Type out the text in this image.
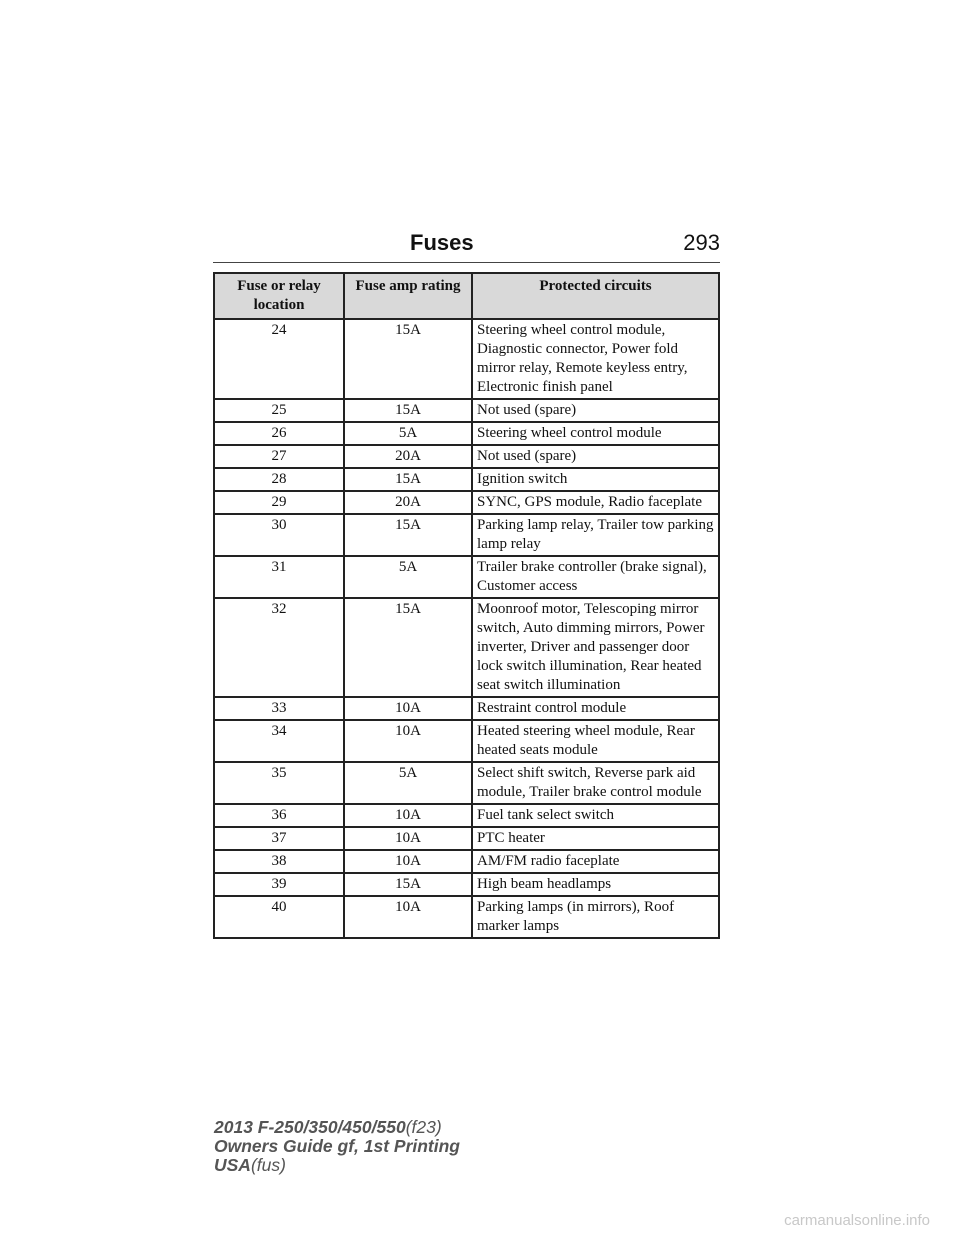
Fuses	293
Fuse or relay location	Fuse amp rating	Protected circuits
24	15A	Steering wheel control module, Diagnostic connector, Power fold mirror relay, Remote keyless entry, Electronic finish panel
25	15A	Not used (spare)
26	5A	Steering wheel control module
27	20A	Not used (spare)
28	15A	Ignition switch
29	20A	SYNC, GPS module, Radio faceplate
30	15A	Parking lamp relay, Trailer tow parking lamp relay
31	5A	Trailer brake controller (brake signal), Customer access
32	15A	Moonroof motor, Telescoping mirror switch, Auto dimming mirrors, Power inverter, Driver and passenger door lock switch illumination, Rear heated seat switch illumination
33	10A	Restraint control module
34	10A	Heated steering wheel module, Rear heated seats module
35	5A	Select shift switch, Reverse park aid module, Trailer brake control module
36	10A	Fuel tank select switch
37	10A	PTC heater
38	10A	AM/FM radio faceplate
39	15A	High beam headlamps
40	10A	Parking lamps (in mirrors), Roof marker lamps
2013 F-250/350/450/550(f23)
Owners Guide gf, 1st Printing
USA(fus)
carmanualsonline.info
